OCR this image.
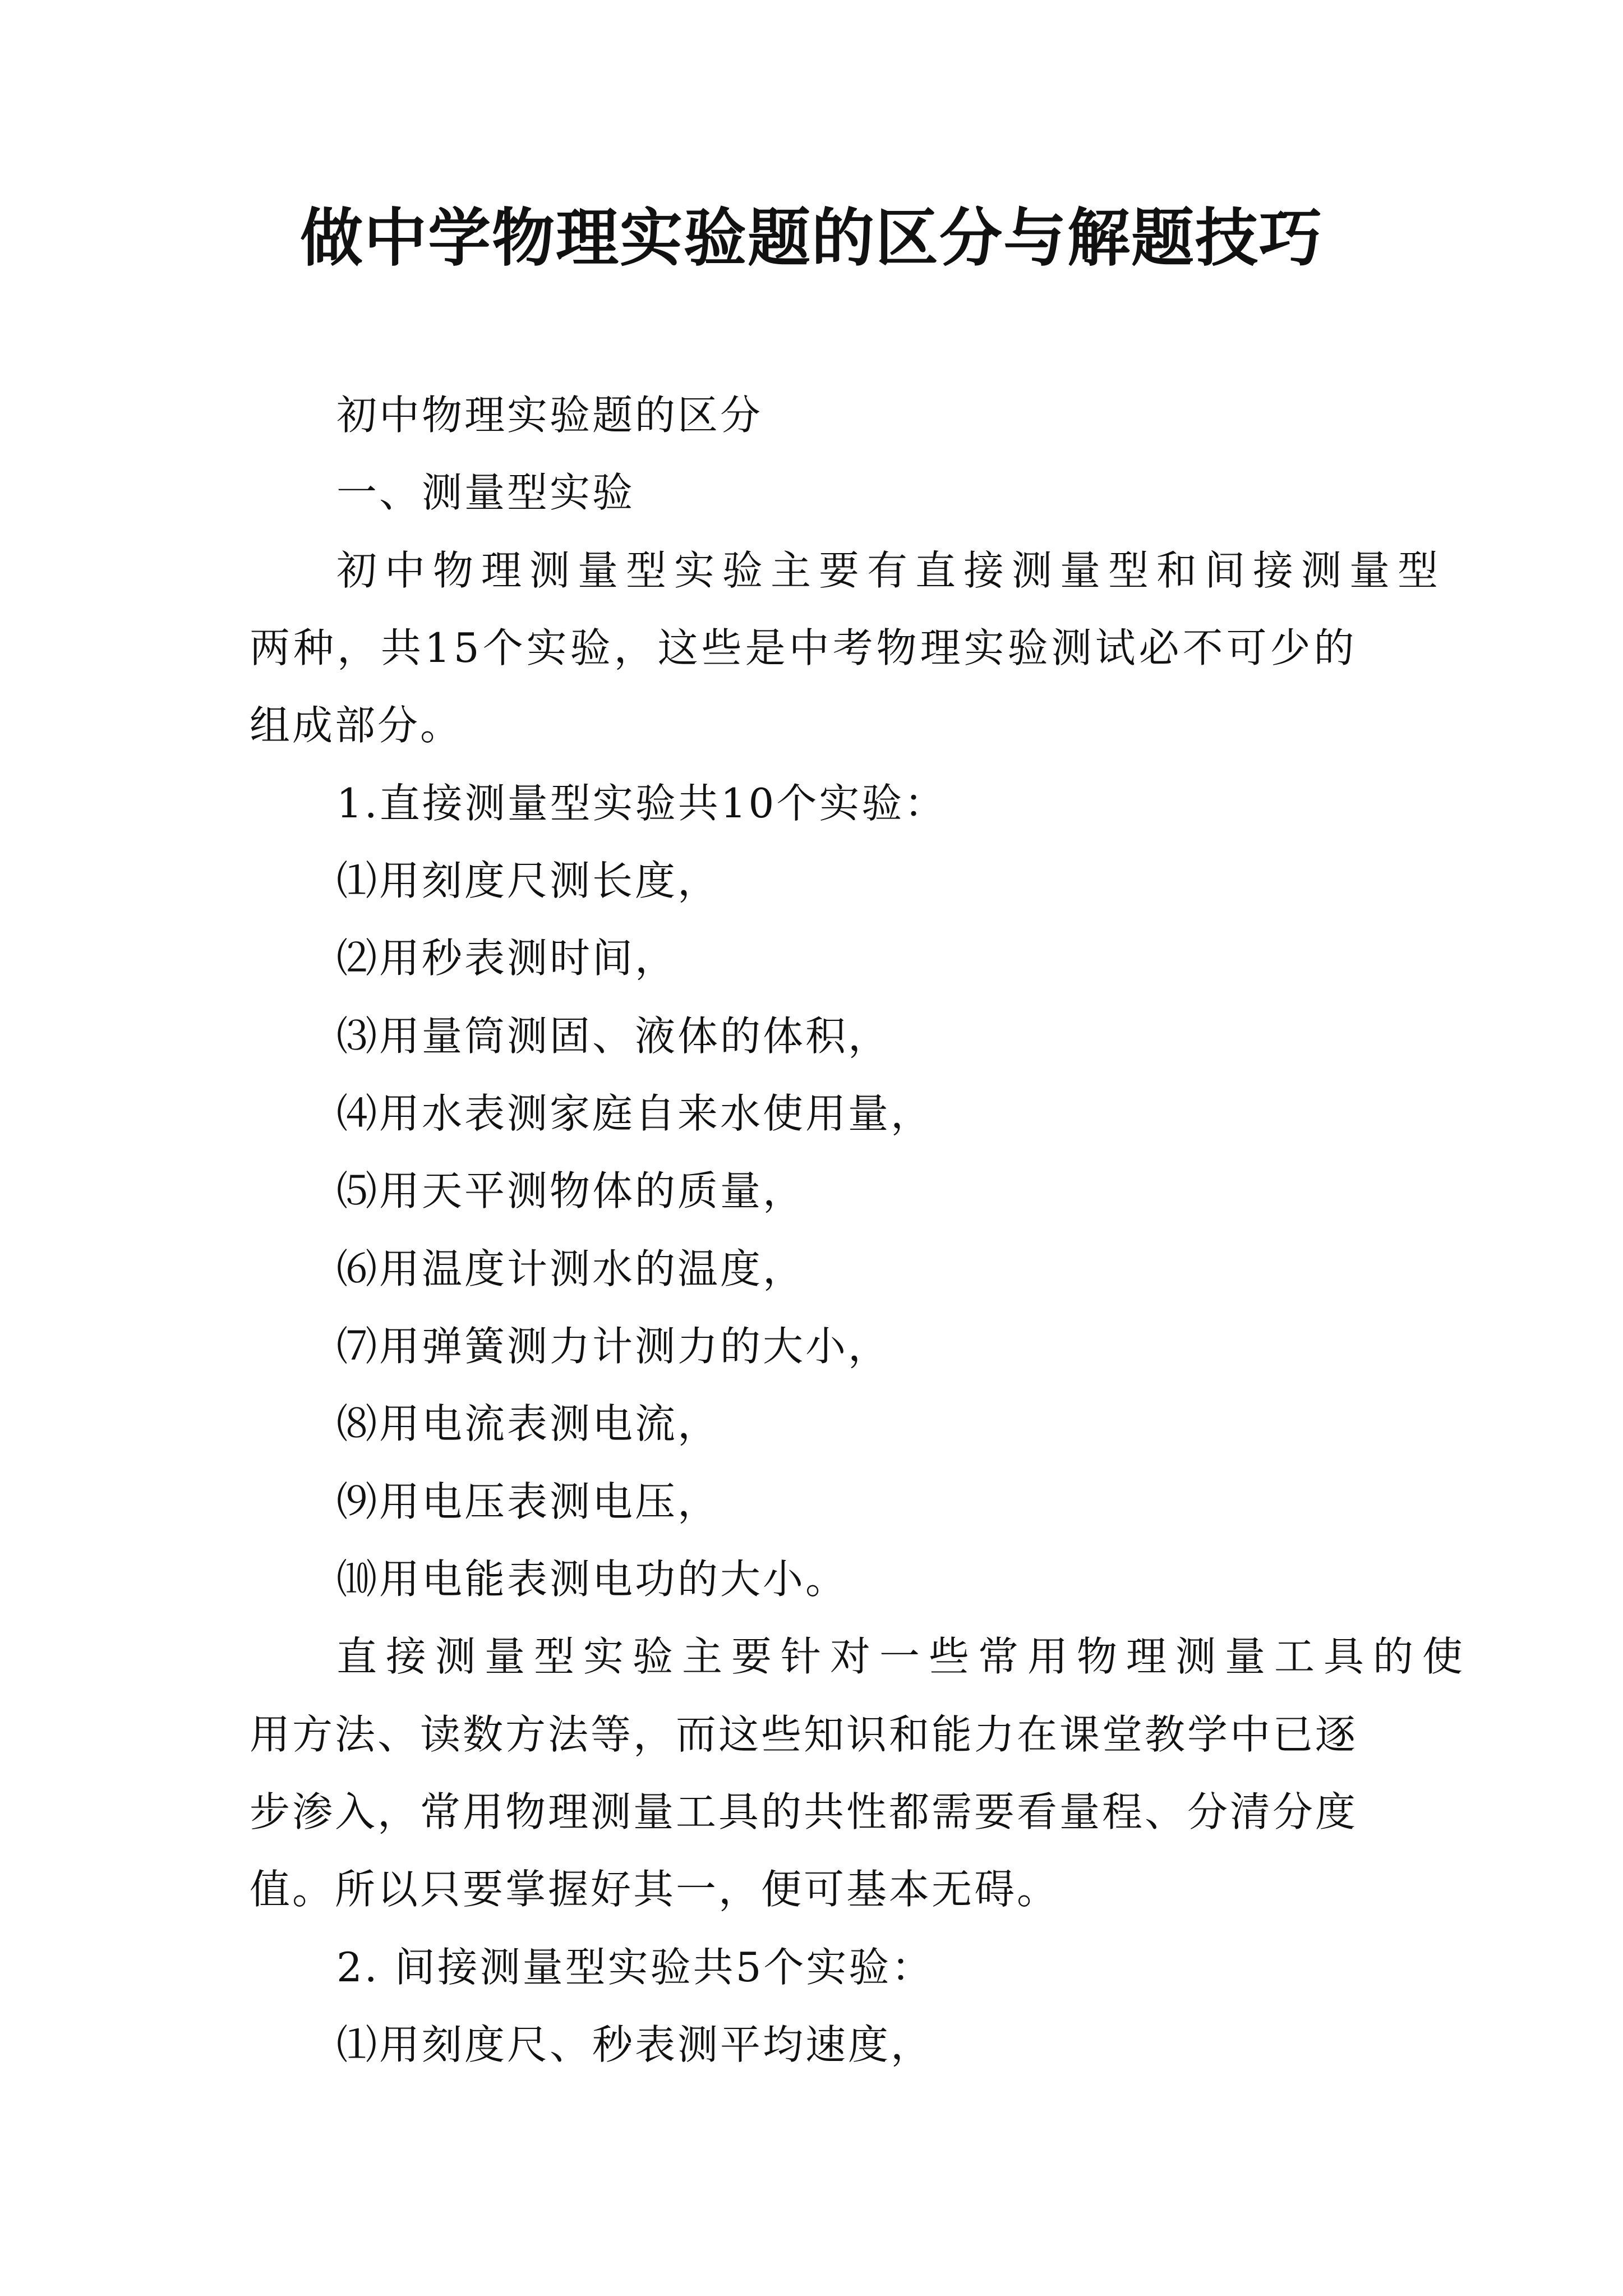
做中学物理实验题的区分与解题技巧
初中物理实验题的区分
一、测量型实验
初中物理测量型实验主要有直接测量型和间接测量型
两种，共15个实验，这些是中考物理实验测试必不可少的
组成部分。
1.直接测量型实验共10个实验：
⑴用刻度尺测长度，
⑵用秒表测时间，
⑶用量筒测固、液体的体积，
⑷用水表测家庭自来水使用量，
⑸用天平测物体的质量，
⑹用温度计测水的温度，
⑺用弹簧测力计测力的大小，
⑻用电流表测电流，
⑼用电压表测电压，
⑽用电能表测电功的大小。
直接测量型实验主要针对一些常用物理测量工具的使
用方法、读数方法等，而这些知识和能力在课堂教学中已逐
步渗入，常用物理测量工具的共性都需要看量程、分清分度
值。所以只要掌握好其一，便可基本无碍。
2. 间接测量型实验共5个实验：
⑴用刻度尺、秒表测平均速度，
